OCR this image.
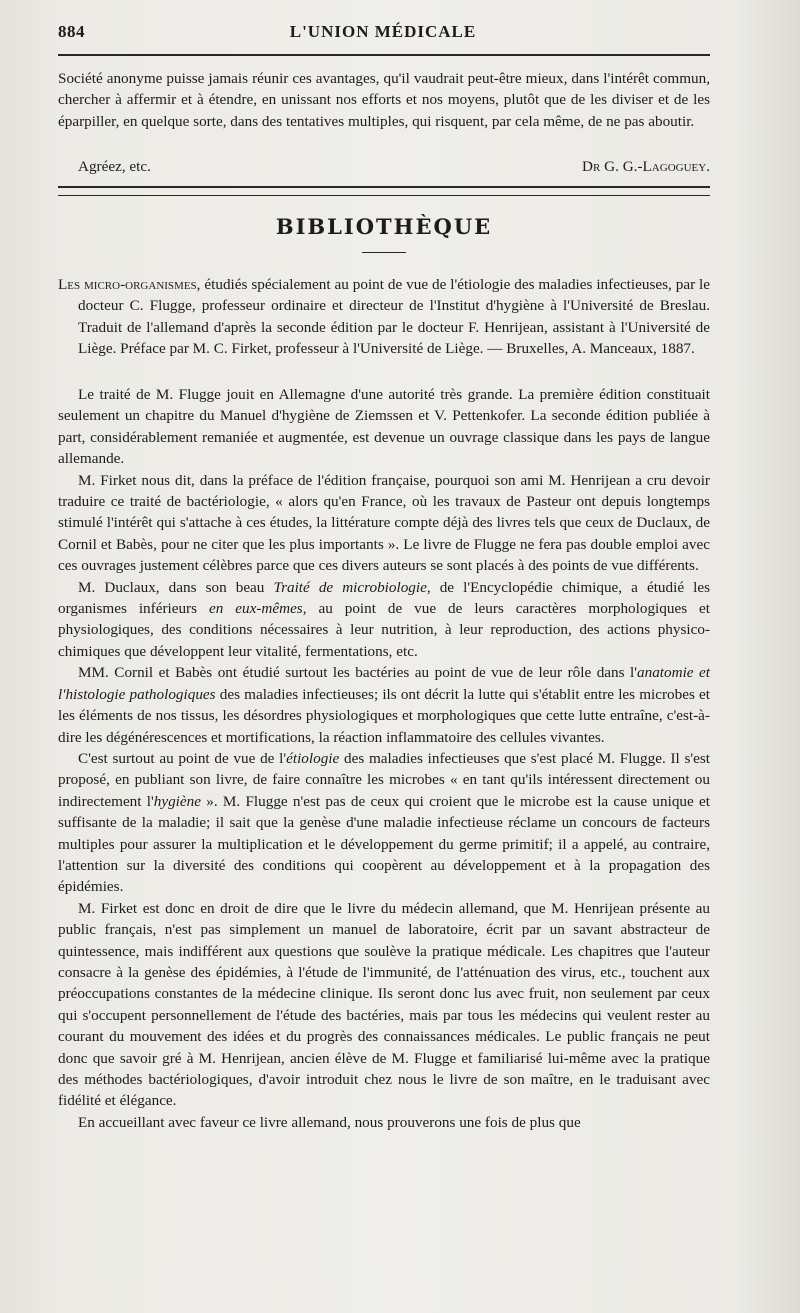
884	L'UNION MÉDICALE

Société anonyme puisse jamais réunir ces avantages, qu'il vaudrait peut-être mieux, dans l'intérêt commun, chercher à affermir et à étendre, en unissant nos efforts et nos moyens, plutôt que de les diviser et de les éparpiller, en quelque sorte, dans des tentatives multiples, qui risquent, par cela même, de ne pas aboutir.

Agréez, etc.	Dr G. G.-Lagoguey.
BIBLIOTHÈQUE

Les micro-organismes, étudiés spécialement au point de vue de l'étiologie des maladies infectieuses, par le docteur C. Flugge, professeur ordinaire et directeur de l'Institut d'hygiène à l'Université de Breslau. Traduit de l'allemand d'après la seconde édition par le docteur F. Henrijean, assistant à l'Université de Liège. Préface par M. C. Firket, professeur à l'Université de Liège. — Bruxelles, A. Manceaux, 1887.

Le traité de M. Flugge jouit en Allemagne d'une autorité très grande. La première édition constituait seulement un chapitre du Manuel d'hygiène de Ziemssen et V. Pettenkofer. La seconde édition publiée à part, considérablement remaniée et augmentée, est devenue un ouvrage classique dans les pays de langue allemande.

M. Firket nous dit, dans la préface de l'édition française, pourquoi son ami M. Henrijean a cru devoir traduire ce traité de bactériologie, « alors qu'en France, où les travaux de Pasteur ont depuis longtemps stimulé l'intérêt qui s'attache à ces études, la littérature compte déjà des livres tels que ceux de Duclaux, de Cornil et Babès, pour ne citer que les plus importants ». Le livre de Flugge ne fera pas double emploi avec ces ouvrages justement célèbres parce que ces divers auteurs se sont placés à des points de vue différents.

M. Duclaux, dans son beau Traité de microbiologie, de l'Encyclopédie chimique, a étudié les organismes inférieurs en eux-mêmes, au point de vue de leurs caractères morphologiques et physiologiques, des conditions nécessaires à leur nutrition, à leur reproduction, des actions physico-chimiques que développent leur vitalité, fermentations, etc.

MM. Cornil et Babès ont étudié surtout les bactéries au point de vue de leur rôle dans l'anatomie et l'histologie pathologiques des maladies infectieuses; ils ont décrit la lutte qui s'établit entre les microbes et les éléments de nos tissus, les désordres physiologiques et morphologiques que cette lutte entraîne, c'est-à-dire les dégénérescences et mortifications, la réaction inflammatoire des cellules vivantes.

C'est surtout au point de vue de l'étiologie des maladies infectieuses que s'est placé M. Flugge. Il s'est proposé, en publiant son livre, de faire connaître les microbes « en tant qu'ils intéressent directement ou indirectement l'hygiène ». M. Flugge n'est pas de ceux qui croient que le microbe est la cause unique et suffisante de la maladie; il sait que la genèse d'une maladie infectieuse réclame un concours de facteurs multiples pour assurer la multiplication et le développement du germe primitif; il a appelé, au contraire, l'attention sur la diversité des conditions qui coopèrent au développement et à la propagation des épidémies.

M. Firket est donc en droit de dire que le livre du médecin allemand, que M. Henrijean présente au public français, n'est pas simplement un manuel de laboratoire, écrit par un savant abstracteur de quintessence, mais indifférent aux questions que soulève la pratique médicale. Les chapitres que l'auteur consacre à la genèse des épidémies, à l'étude de l'immunité, de l'atténuation des virus, etc., touchent aux préoccupations constantes de la médecine clinique. Ils seront donc lus avec fruit, non seulement par ceux qui s'occupent personnellement de l'étude des bactéries, mais par tous les médecins qui veulent rester au courant du mouvement des idées et du progrès des connaissances médicales. Le public français ne peut donc que savoir gré à M. Henrijean, ancien élève de M. Flugge et familiarisé lui-même avec la pratique des méthodes bactériologiques, d'avoir introduit chez nous le livre de son maître, en le traduisant avec fidélité et élégance.

En accueillant avec faveur ce livre allemand, nous prouverons une fois de plus que
